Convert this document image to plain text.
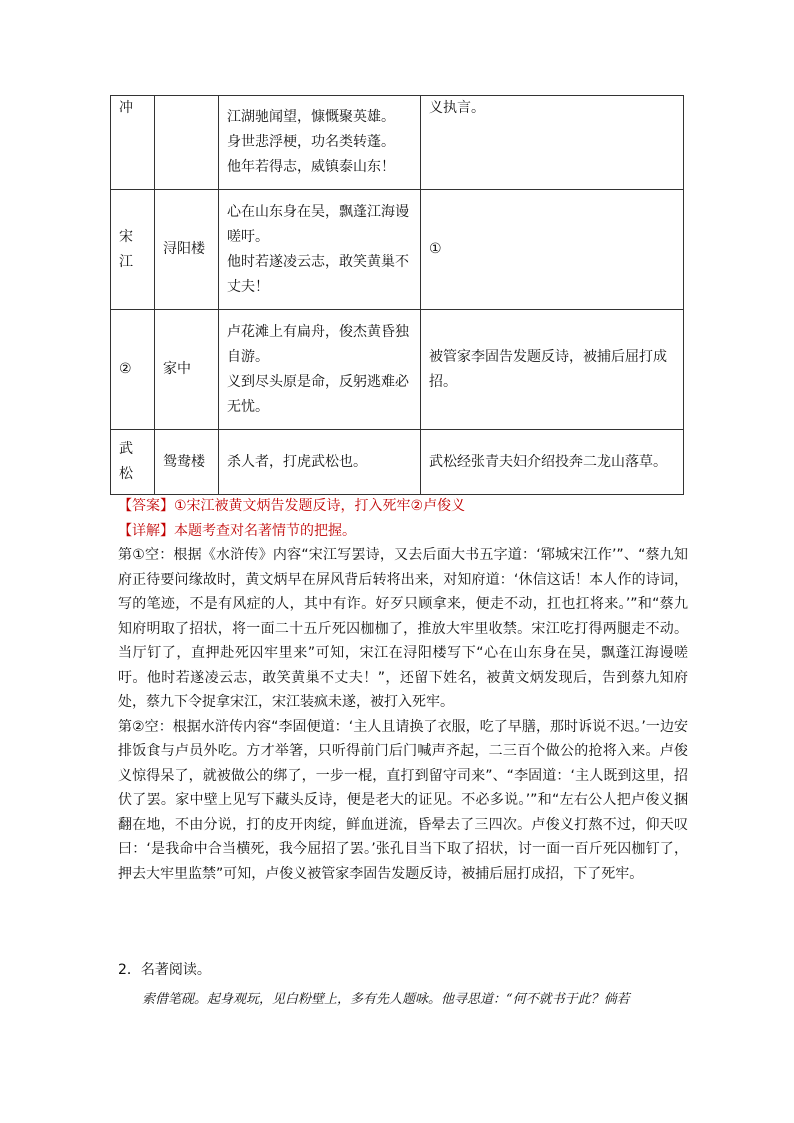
冲		江湖驰闻望，慷慨聚英雄。
身世悲浮梗，功名类转蓬。
他年若得志，威镇泰山东！	义执言。

宋
江	浔阳楼	心在山东身在吴，飘蓬江海谩
嗟吁。
他时若遂凌云志，敢笑黄巢不
丈夫！	①

②	家中	卢花滩上有扁舟，俊杰黄昏独
自游。
义到尽头原是命，反躬逃难必
无忧。	被管家李固告发题反诗，被捕后屈打成
招。

武
松	鸳鸯楼	杀人者，打虎武松也。	武松经张青夫妇介绍投奔二龙山落草。

【答案】①宋江被黄文炳告发题反诗，打入死牢②卢俊义

【详解】本题考查对名著情节的把握。

第①空：根据《水浒传》内容“宋江写罢诗，又去后面大书五字道：‘郓城宋江作’”、“蔡九知府正待要问缘故时，黄文炳早在屏风背后转将出来，对知府道：‘休信这话！本人作的诗词，写的笔迹，不是有风症的人，其中有诈。好歹只顾拿来，便走不动，扛也扛将来。’”和“蔡九知府明取了招状，将一面二十五斤死囚枷枷了，推放大牢里收禁。宋江吃打得两腿走不动。当厅钉了，直押赴死囚牢里来”可知，宋江在浔阳楼写下“心在山东身在吴，飘蓬江海谩嗟吁。他时若遂凌云志，敢笑黄巢不丈夫！”，还留下姓名，被黄文炳发现后，告到蔡九知府处，蔡九下令捉拿宋江，宋江装疯未遂，被打入死牢。

第②空：根据水浒传内容“李固便道：‘主人且请换了衣服，吃了早膳，那时诉说不迟。’一边安排饭食与卢员外吃。方才举箸，只听得前门后门喊声齐起，二三百个做公的抢将入来。卢俊义惊得呆了，就被做公的绑了，一步一棍，直打到留守司来”、“李固道：‘主人既到这里，招伏了罢。家中壁上见写下藏头反诗，便是老大的证见。不必多说。’”和“左右公人把卢俊义捆翻在地，不由分说，打的皮开肉绽，鲜血迸流，昏晕去了三四次。卢俊义打熬不过，仰天叹曰：‘是我命中合当横死，我今屈招了罢。’张孔目当下取了招状，讨一面一百斤死囚枷钉了，押去大牢里监禁”可知，卢俊义被管家李固告发题反诗，被捕后屈打成招，下了死牢。

2．名著阅读。
索借笔砚。起身观玩，见白粉壁上，多有先人题咏。他寻思道：“何不就书于此？倘若
